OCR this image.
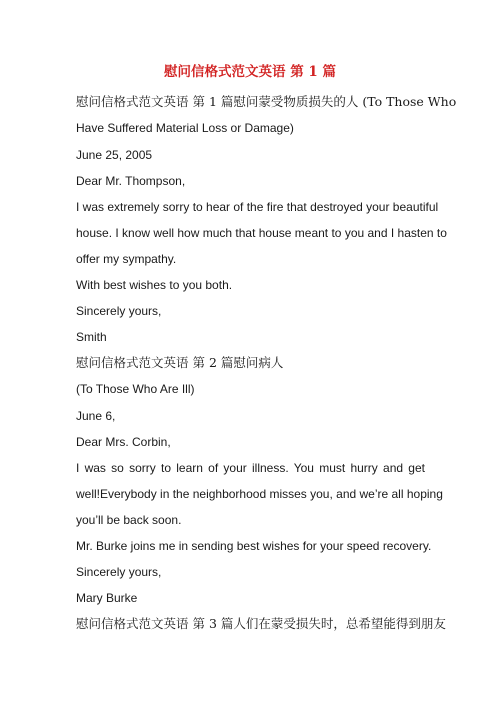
慰问信格式范文英语 第 1 篇
慰问信格式范文英语 第 1 篇慰问蒙受物质损失的人 (To Those Who
Have Suffered Material Loss or Damage)
June 25, 2005
Dear Mr. Thompson,
I was extremely sorry to hear of the fire that destroyed your beautiful
house. I know well how much that house meant to you and I hasten to
offer my sympathy.
With best wishes to you both.
Sincerely yours,
Smith
慰问信格式范文英语 第 2 篇慰问病人
(To Those Who Are Ill)
June 6,
Dear Mrs. Corbin,
I was so sorry to learn of your illness. You must hurry and get
well!Everybody in the neighborhood misses you, and we’re all hoping
you’ll be back soon.
Mr. Burke joins me in sending best wishes for your speed recovery.
Sincerely yours,
Mary Burke
慰问信格式范文英语 第 3 篇人们在蒙受损失时，总希望能得到朋友
